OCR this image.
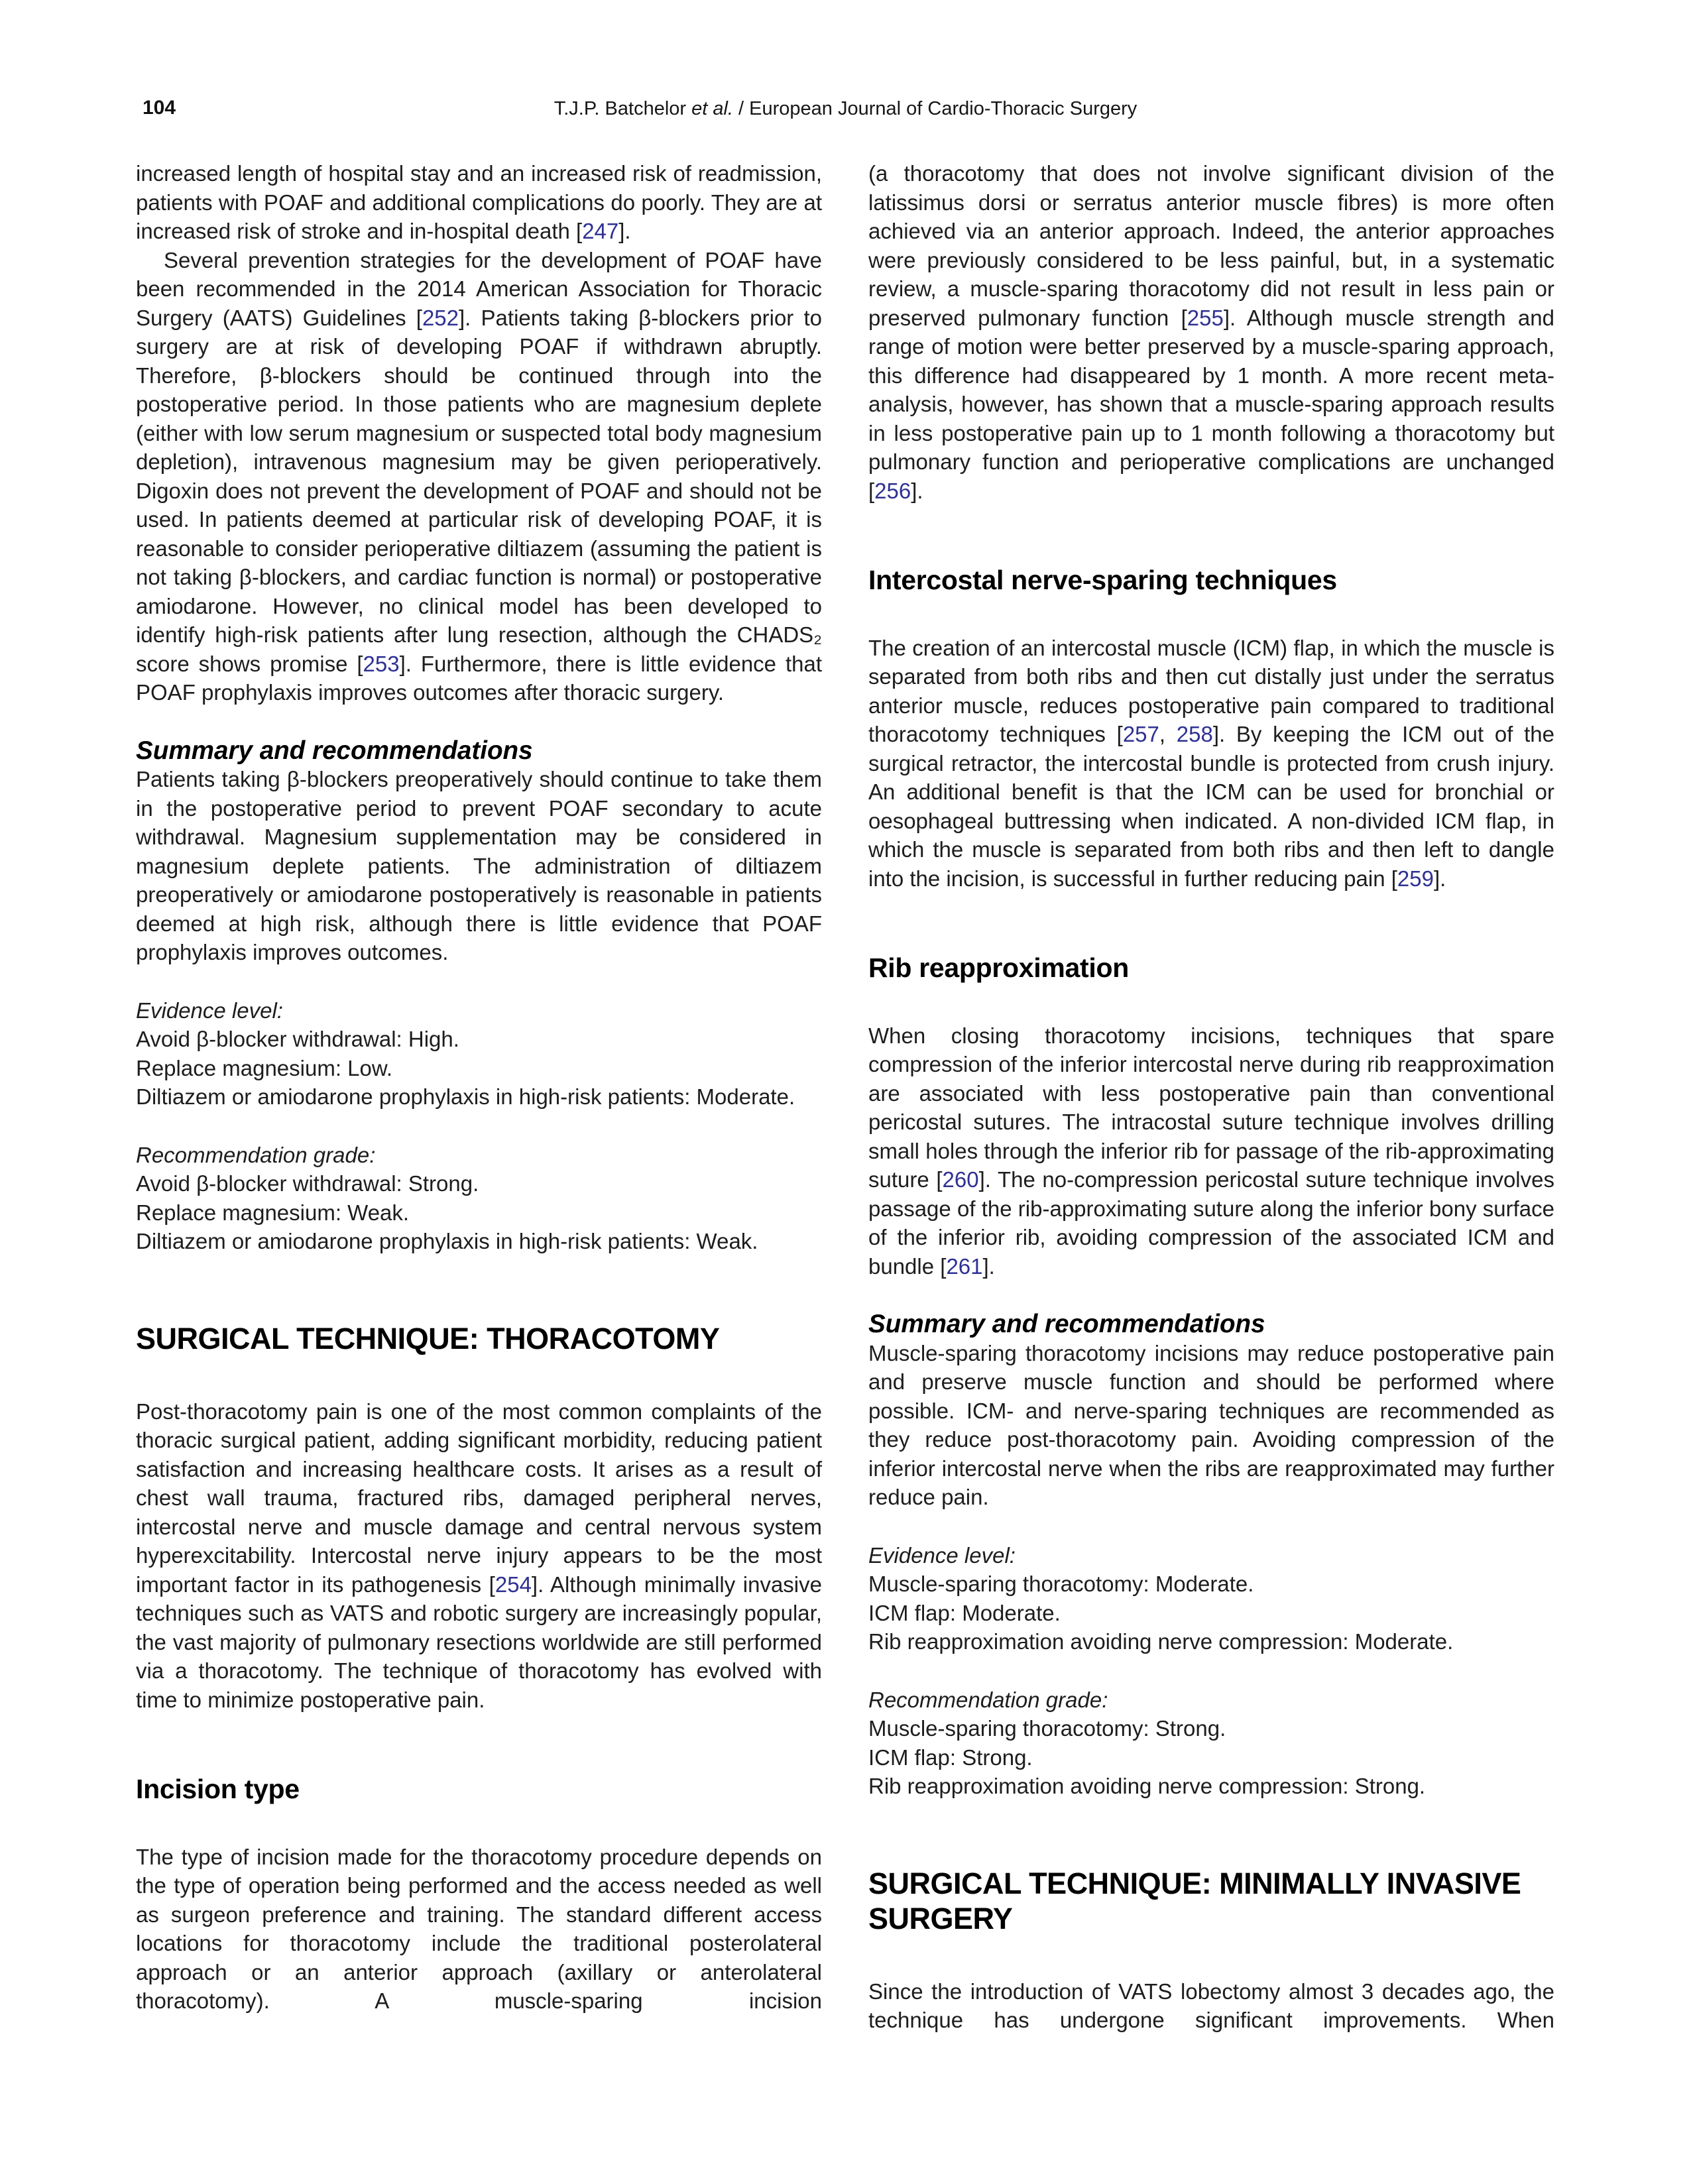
104	T.J.P. Batchelor et al. / European Journal of Cardio-Thoracic Surgery

increased length of hospital stay and an increased risk of readmission, patients with POAF and additional complications do poorly. They are at increased risk of stroke and in-hospital death [247].

Several prevention strategies for the development of POAF have been recommended in the 2014 American Association for Thoracic Surgery (AATS) Guidelines [252]. Patients taking β-blockers prior to surgery are at risk of developing POAF if withdrawn abruptly. Therefore, β-blockers should be continued through into the postoperative period. In those patients who are magnesium deplete (either with low serum magnesium or suspected total body magnesium depletion), intravenous magnesium may be given perioperatively. Digoxin does not prevent the development of POAF and should not be used. In patients deemed at particular risk of developing POAF, it is reasonable to consider perioperative diltiazem (assuming the patient is not taking β-blockers, and cardiac function is normal) or postoperative amiodarone. However, no clinical model has been developed to identify high-risk patients after lung resection, although the CHADS₂ score shows promise [253]. Furthermore, there is little evidence that POAF prophylaxis improves outcomes after thoracic surgery.

Summary and recommendations

Patients taking β-blockers preoperatively should continue to take them in the postoperative period to prevent POAF secondary to acute withdrawal. Magnesium supplementation may be considered in magnesium deplete patients. The administration of diltiazem preoperatively or amiodarone postoperatively is reasonable in patients deemed at high risk, although there is little evidence that POAF prophylaxis improves outcomes.

Evidence level:

Avoid β-blocker withdrawal: High.

Replace magnesium: Low.

Diltiazem or amiodarone prophylaxis in high-risk patients: Moderate.

Recommendation grade:

Avoid β-blocker withdrawal: Strong.

Replace magnesium: Weak.

Diltiazem or amiodarone prophylaxis in high-risk patients: Weak.

SURGICAL TECHNIQUE: THORACOTOMY

Post-thoracotomy pain is one of the most common complaints of the thoracic surgical patient, adding significant morbidity, reducing patient satisfaction and increasing healthcare costs. It arises as a result of chest wall trauma, fractured ribs, damaged peripheral nerves, intercostal nerve and muscle damage and central nervous system hyperexcitability. Intercostal nerve injury appears to be the most important factor in its pathogenesis [254]. Although minimally invasive techniques such as VATS and robotic surgery are increasingly popular, the vast majority of pulmonary resections worldwide are still performed via a thoracotomy. The technique of thoracotomy has evolved with time to minimize postoperative pain.

Incision type

The type of incision made for the thoracotomy procedure depends on the type of operation being performed and the access needed as well as surgeon preference and training. The standard different access locations for thoracotomy include the traditional posterolateral approach or an anterior approach (axillary or anterolateral thoracotomy). A muscle-sparing incision

(a thoracotomy that does not involve significant division of the latissimus dorsi or serratus anterior muscle fibres) is more often achieved via an anterior approach. Indeed, the anterior approaches were previously considered to be less painful, but, in a systematic review, a muscle-sparing thoracotomy did not result in less pain or preserved pulmonary function [255]. Although muscle strength and range of motion were better preserved by a muscle-sparing approach, this difference had disappeared by 1 month. A more recent meta-analysis, however, has shown that a muscle-sparing approach results in less postoperative pain up to 1 month following a thoracotomy but pulmonary function and perioperative complications are unchanged [256].

Intercostal nerve-sparing techniques

The creation of an intercostal muscle (ICM) flap, in which the muscle is separated from both ribs and then cut distally just under the serratus anterior muscle, reduces postoperative pain compared to traditional thoracotomy techniques [257, 258]. By keeping the ICM out of the surgical retractor, the intercostal bundle is protected from crush injury. An additional benefit is that the ICM can be used for bronchial or oesophageal buttressing when indicated. A non-divided ICM flap, in which the muscle is separated from both ribs and then left to dangle into the incision, is successful in further reducing pain [259].

Rib reapproximation

When closing thoracotomy incisions, techniques that spare compression of the inferior intercostal nerve during rib reapproximation are associated with less postoperative pain than conventional pericostal sutures. The intracostal suture technique involves drilling small holes through the inferior rib for passage of the rib-approximating suture [260]. The no-compression pericostal suture technique involves passage of the rib-approximating suture along the inferior bony surface of the inferior rib, avoiding compression of the associated ICM and bundle [261].

Summary and recommendations

Muscle-sparing thoracotomy incisions may reduce postoperative pain and preserve muscle function and should be performed where possible. ICM- and nerve-sparing techniques are recommended as they reduce post-thoracotomy pain. Avoiding compression of the inferior intercostal nerve when the ribs are reapproximated may further reduce pain.

Evidence level:

Muscle-sparing thoracotomy: Moderate.

ICM flap: Moderate.

Rib reapproximation avoiding nerve compression: Moderate.

Recommendation grade:

Muscle-sparing thoracotomy: Strong.

ICM flap: Strong.

Rib reapproximation avoiding nerve compression: Strong.

SURGICAL TECHNIQUE: MINIMALLY INVASIVE SURGERY

Since the introduction of VATS lobectomy almost 3 decades ago, the technique has undergone significant improvements. When
